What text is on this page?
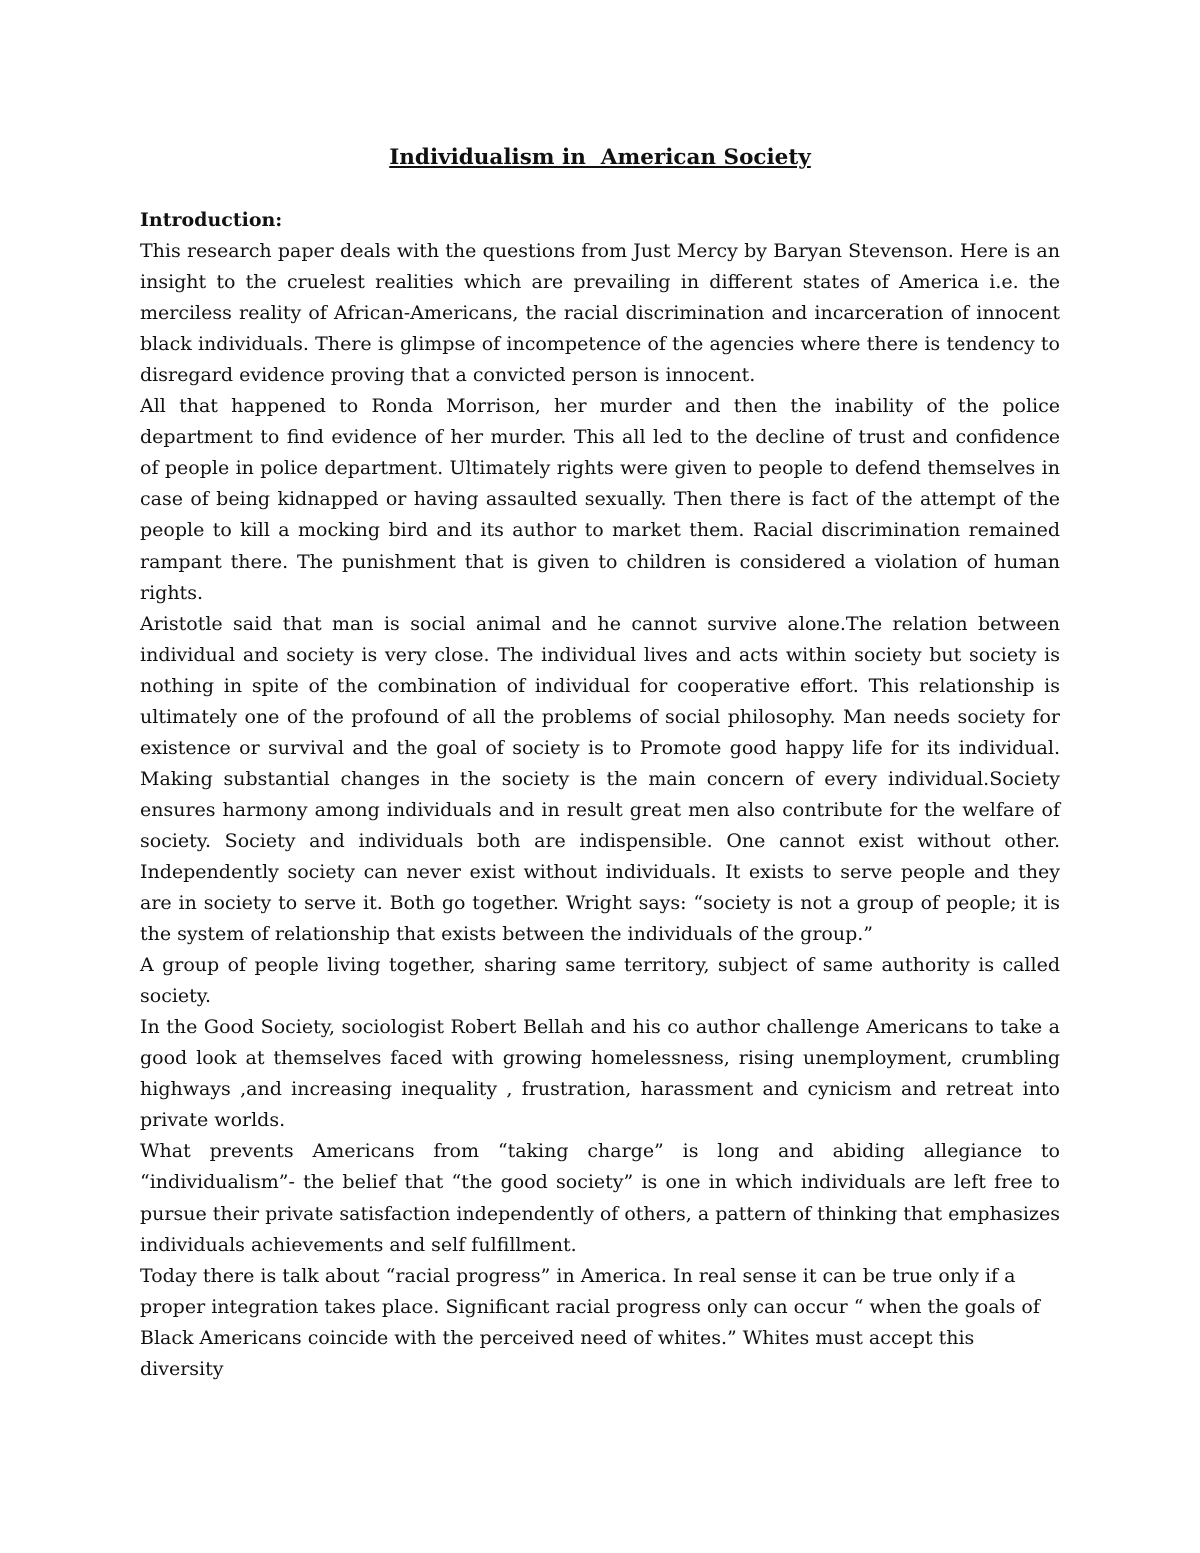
Individualism in  American Society

Introduction:

This research paper deals with the questions from Just Mercy by Baryan Stevenson. Here is an insight to the cruelest realities which are prevailing in different states of America i.e. the merciless reality of African-Americans, the racial discrimination and incarceration of innocent black individuals. There is glimpse of incompetence of the agencies where there is tendency to disregard evidence proving that a convicted person is innocent.

All that happened to Ronda Morrison, her murder and then the inability of the police department to find evidence of her murder. This all led to the decline of trust and confidence of people in police department. Ultimately rights were given to people to defend themselves in case of being kidnapped or having assaulted sexually. Then there is fact of the attempt of the people to kill a mocking bird and its author to market them. Racial discrimination remained rampant there. The punishment that is given to children is considered a violation of human rights.

Aristotle said that man is social animal and he cannot survive alone.The relation between individual and society is very close. The individual lives and acts within society but society is nothing in spite of the combination of individual for cooperative effort. This relationship is ultimately one of the profound of all the problems of social philosophy. Man needs society for existence or survival and the goal of society is to Promote good happy life for its individual. Making substantial changes in the society is the main concern of every individual.Society ensures harmony among individuals and in result great men also contribute for the welfare of society. Society and individuals both are indispensible. One cannot exist without other. Independently society can never exist without individuals. It exists to serve people and they are in society to serve it. Both go together. Wright says: “society is not a group of people; it is the system of relationship that exists between the individuals of the group.”

A group of people living together, sharing same territory, subject of same authority is called society.

In the Good Society, sociologist Robert Bellah and his co author challenge Americans to take a good look at themselves faced with growing homelessness, rising unemployment, crumbling highways ,and increasing inequality , frustration, harassment and cynicism and retreat into private worlds.

What prevents Americans from “taking charge” is long and abiding allegiance to “individualism”- the belief that “the good society” is one in which individuals are left free to pursue their private satisfaction independently of others, a pattern of thinking that emphasizes individuals achievements and self fulfillment.

Today there is talk about “racial progress” in America. In real sense it can be true only if a proper integration takes place. Significant racial progress only can occur “ when the goals of Black Americans coincide with the perceived need of whites.” Whites must accept this diversity
